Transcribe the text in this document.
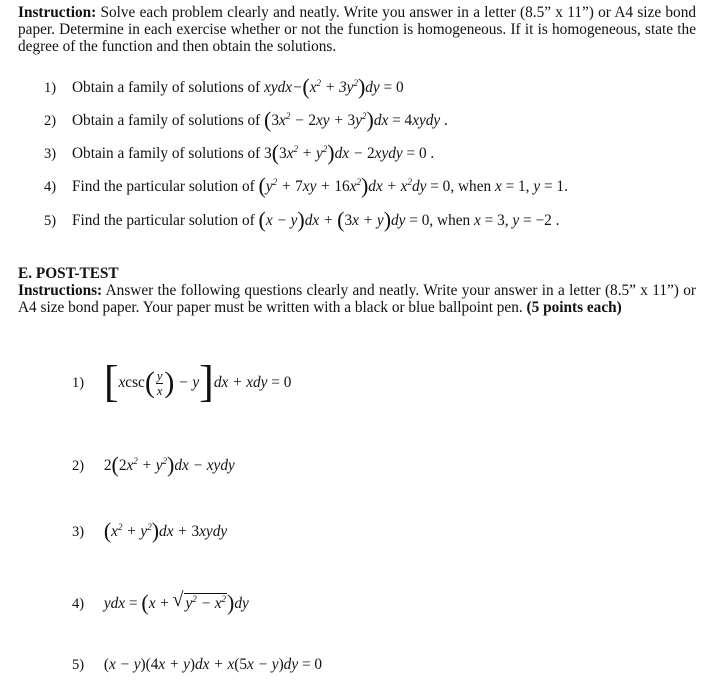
Instruction: Solve each problem clearly and neatly. Write you answer in a letter (8.5” x 11”) or A4 size bond paper. Determine in each exercise whether or not the function is homogeneous. If it is homogeneous, state the degree of the function and then obtain the solutions.
1) Obtain a family of solutions of $xydx-(x^2 + 3y^2)dy = 0$
2) Obtain a family of solutions of $(3x^2 - 2xy + 3y^2)dx$ = 4xydy .
3) Obtain a family of solutions of $3(3x^2 + y^2)dx$ − 2xydy = 0 .
4) Find the particular solution of $(y^2 + 7xy + 16x^2)dx + x^2dy = 0$, when x = 1, y = 1.
5) Find the particular solution of (x − y)dx + (3x + y)dy = 0, when x = 3, y = −2 .
E. POST-TEST
Instructions: Answer the following questions clearly and neatly. Write your answer in a letter (8.5” x 11”) or A4 size bond paper. Your paper must be written with a black or blue ballpoint pen. (5 points each)
1) [$xcsc( \frac{y}{x}$ ) − y]dx + xdy = 0
2) $2(2x^2 + y^2)dx$ − xydy
3) $(x^2 + y^2)dx$ + 3xydy
4) ydx = (x + √ $y^2 - x^2)dy$
5) (x − y)(4x + y)dx + x(5x − y)dy = 0
